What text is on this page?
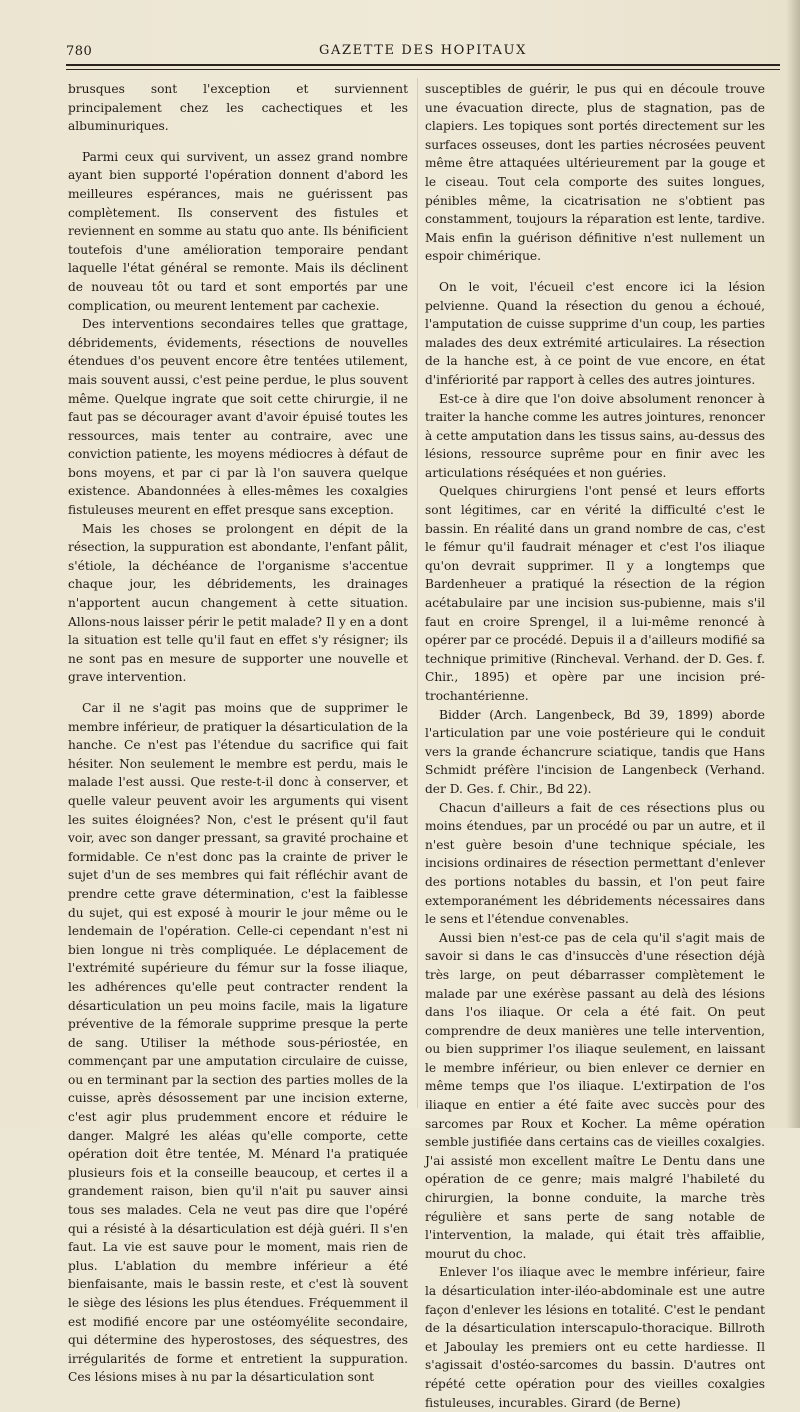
780	GAZETTE DES HOPITAUX

brusques sont l'exception et surviennent principalement chez les cachectiques et les albuminuriques.

Parmi ceux qui survivent, un assez grand nombre ayant bien supporté l'opération donnent d'abord les meilleures espérances, mais ne guérissent pas complètement. Ils conservent des fistules et reviennent en somme au statu quo ante. Ils bénificient toutefois d'une amélioration temporaire pendant laquelle l'état général se remonte. Mais ils déclinent de nouveau tôt ou tard et sont emportés par une complication, ou meurent lentement par cachexie.

Des interventions secondaires telles que grattage, débridements, évidements, résections de nouvelles étendues d'os peuvent encore être tentées utilement, mais souvent aussi, c'est peine perdue, le plus souvent même. Quelque ingrate que soit cette chirurgie, il ne faut pas se décourager avant d'avoir épuisé toutes les ressources, mais tenter au contraire, avec une conviction patiente, les moyens médiocres à défaut de bons moyens, et par ci par là l'on sauvera quelque existence. Abandonnées à elles-mêmes les coxalgies fistuleuses meurent en effet presque sans exception.

Mais les choses se prolongent en dépit de la résection, la suppuration est abondante, l'enfant pâlit, s'étiole, la déchéance de l'organisme s'accentue chaque jour, les débridements, les drainages n'apportent aucun changement à cette situation. Allons-nous laisser périr le petit malade? Il y en a dont la situation est telle qu'il faut en effet s'y résigner; ils ne sont pas en mesure de supporter une nouvelle et grave intervention.

Car il ne s'agit pas moins que de supprimer le membre inférieur, de pratiquer la désarticulation de la hanche. Ce n'est pas l'étendue du sacrifice qui fait hésiter. Non seulement le membre est perdu, mais le malade l'est aussi. Que reste-t-il donc à conserver, et quelle valeur peuvent avoir les arguments qui visent les suites éloignées? Non, c'est le présent qu'il faut voir, avec son danger pressant, sa gravité prochaine et formidable. Ce n'est donc pas la crainte de priver le sujet d'un de ses membres qui fait réfléchir avant de prendre cette grave détermination, c'est la faiblesse du sujet, qui est exposé à mourir le jour même ou le lendemain de l'opération. Celle-ci cependant n'est ni bien longue ni très compliquée. Le déplacement de l'extrémité supérieure du fémur sur la fosse iliaque, les adhérences qu'elle peut contracter rendent la désarticulation un peu moins facile, mais la ligature préventive de la fémorale supprime presque la perte de sang. Utiliser la méthode sous-périostée, en commençant par une amputation circulaire de cuisse, ou en terminant par la section des parties molles de la cuisse, après désossement par une incision externe, c'est agir plus prudemment encore et réduire le danger. Malgré les aléas qu'elle comporte, cette opération doit être tentée, M. Ménard l'a pratiquée plusieurs fois et la conseille beaucoup, et certes il a grandement raison, bien qu'il n'ait pu sauver ainsi tous ses malades. Cela ne veut pas dire que l'opéré qui a résisté à la désarticulation est déjà guéri. Il s'en faut. La vie est sauve pour le moment, mais rien de plus. L'ablation du membre inférieur a été bienfaisante, mais le bassin reste, et c'est là souvent le siège des lésions les plus étendues. Fréquemment il est modifié encore par une ostéomyélite secondaire, qui détermine des hyperostoses, des séquestres, des irrégularités de forme et entretient la suppuration. Ces lésions mises à nu par la désarticulation sont

susceptibles de guérir, le pus qui en découle trouve une évacuation directe, plus de stagnation, pas de clapiers. Les topiques sont portés directement sur les surfaces osseuses, dont les parties nécrosées peuvent même être attaquées ultérieurement par la gouge et le ciseau. Tout cela comporte des suites longues, pénibles même, la cicatrisation ne s'obtient pas constamment, toujours la réparation est lente, tardive. Mais enfin la guérison définitive n'est nullement un espoir chimérique.

On le voit, l'écueil c'est encore ici la lésion pelvienne. Quand la résection du genou a échoué, l'amputation de cuisse supprime d'un coup, les parties malades des deux extrémité articulaires. La résection de la hanche est, à ce point de vue encore, en état d'infériorité par rapport à celles des autres jointures.

Est-ce à dire que l'on doive absolument renoncer à traiter la hanche comme les autres jointures, renoncer à cette amputation dans les tissus sains, au-dessus des lésions, ressource suprême pour en finir avec les articulations réséquées et non guéries.

Quelques chirurgiens l'ont pensé et leurs efforts sont légitimes, car en vérité la difficulté c'est le bassin. En réalité dans un grand nombre de cas, c'est le fémur qu'il faudrait ménager et c'est l'os iliaque qu'on devrait supprimer. Il y a longtemps que Bardenheuer a pratiqué la résection de la région acétabulaire par une incision sus-pubienne, mais s'il faut en croire Sprengel, il a lui-même renoncé à opérer par ce procédé. Depuis il a d'ailleurs modifié sa technique primitive (Rincheval. Verhand. der D. Ges. f. Chir., 1895) et opère par une incision pré-trochantérienne.

Bidder (Arch. Langenbeck, Bd 39, 1899) aborde l'articulation par une voie postérieure qui le conduit vers la grande échancrure sciatique, tandis que Hans Schmidt préfère l'incision de Langenbeck (Verhand. der D. Ges. f. Chir., Bd 22).

Chacun d'ailleurs a fait de ces résections plus ou moins étendues, par un procédé ou par un autre, et il n'est guère besoin d'une technique spéciale, les incisions ordinaires de résection permettant d'enlever des portions notables du bassin, et l'on peut faire extemporanément les débridements nécessaires dans le sens et l'étendue convenables.

Aussi bien n'est-ce pas de cela qu'il s'agit mais de savoir si dans le cas d'insuccès d'une résection déjà très large, on peut débarrasser complètement le malade par une exérèse passant au delà des lésions dans l'os iliaque. Or cela a été fait. On peut comprendre de deux manières une telle intervention, ou bien supprimer l'os iliaque seulement, en laissant le membre inférieur, ou bien enlever ce dernier en même temps que l'os iliaque. L'extirpation de l'os iliaque en entier a été faite avec succès pour des sarcomes par Roux et Kocher. La même opération semble justifiée dans certains cas de vieilles coxalgies. J'ai assisté mon excellent maître Le Dentu dans une opération de ce genre; mais malgré l'habileté du chirurgien, la bonne conduite, la marche très régulière et sans perte de sang notable de l'intervention, la malade, qui était très affaiblie, mourut du choc.

Enlever l'os iliaque avec le membre inférieur, faire la désarticulation inter-iléo-abdominale est une autre façon d'enlever les lésions en totalité. C'est le pendant de la désarticulation interscapulo-thoracique. Billroth et Jaboulay les premiers ont eu cette hardiesse. Il s'agissait d'ostéo-sarcomes du bassin. D'autres ont répété cette opération pour des vieilles coxalgies fistuleuses, incurables. Girard (de Berne)
